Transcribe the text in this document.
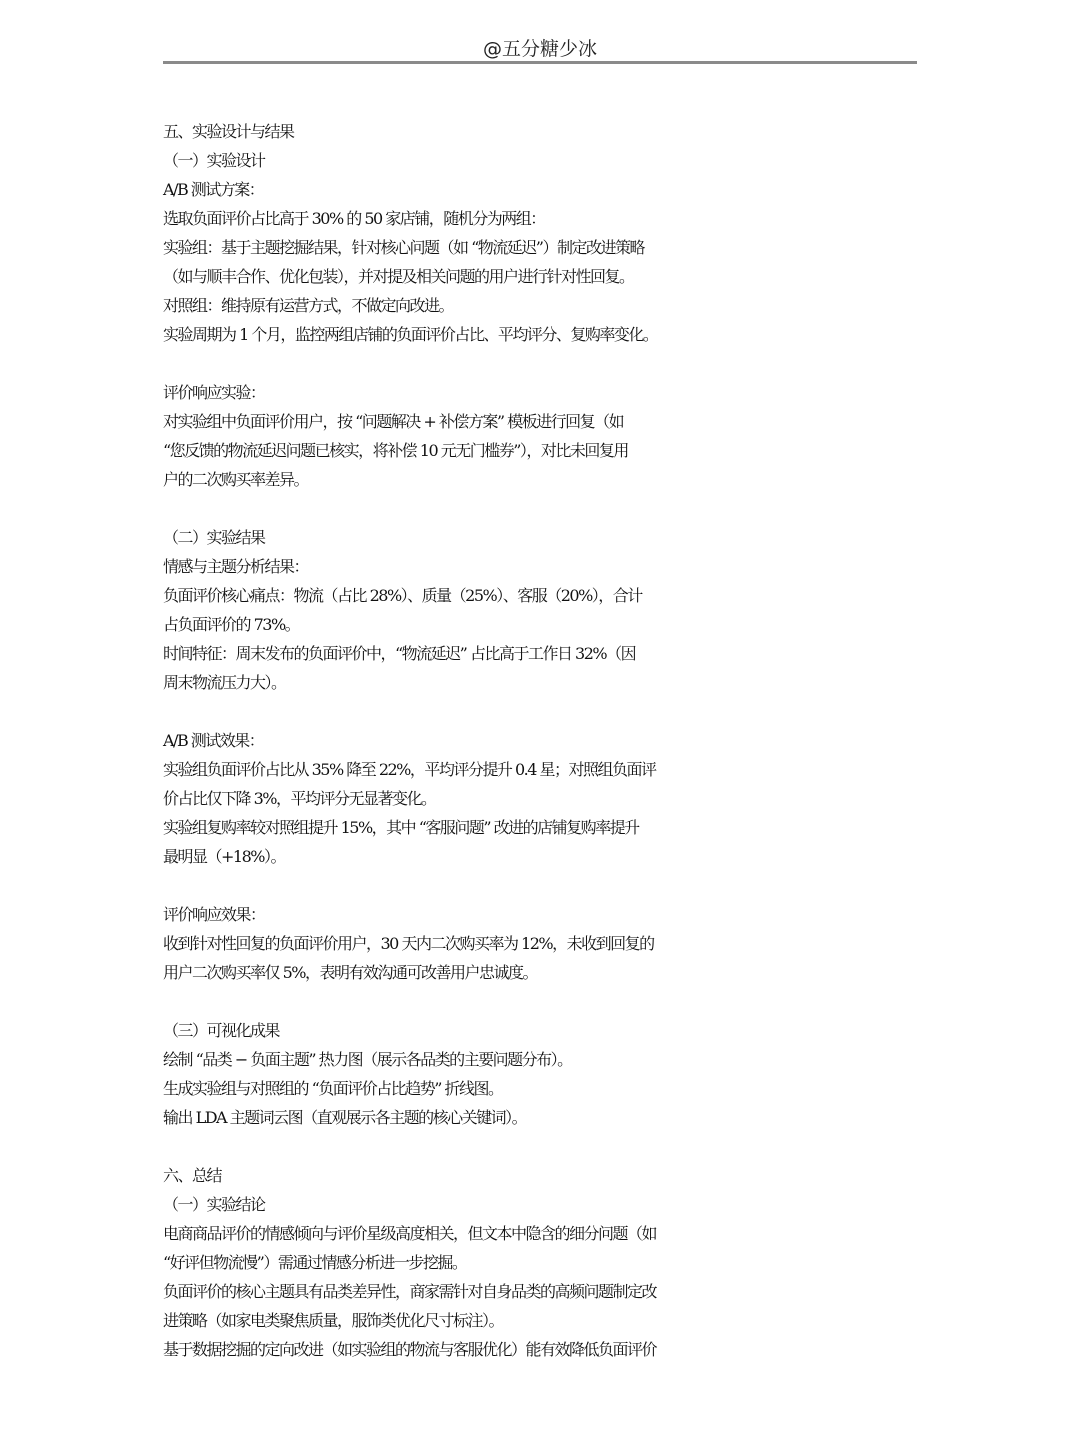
@五分糖少冰
五、实验设计与结果
（一）实验设计
A/B 测试方案：
选取负面评价占比高于 30% 的 50 家店铺，随机分为两组：
实验组：基于主题挖掘结果，针对核心问题（如 “物流延迟”）制定改进策略
（如与顺丰合作、优化包装），并对提及相关问题的用户进行针对性回复。
对照组：维持原有运营方式，不做定向改进。
实验周期为 1 个月，监控两组店铺的负面评价占比、平均评分、复购率变化。
评价响应实验：
对实验组中负面评价用户，按 “问题解决 + 补偿方案” 模板进行回复（如
“您反馈的物流延迟问题已核实，将补偿 10 元无门槛券”），对比未回复用
户的二次购买率差异。
（二）实验结果
情感与主题分析结果：
负面评价核心痛点：物流（占比 28%）、质量（25%）、客服（20%），合计
占负面评价的 73%。
时间特征：周末发布的负面评价中，“物流延迟” 占比高于工作日 32%（因
周末物流压力大）。
A/B 测试效果：
实验组负面评价占比从 35% 降至 22%，平均评分提升 0.4 星；对照组负面评
价占比仅下降 3%，平均评分无显著变化。
实验组复购率较对照组提升 15%，其中 “客服问题” 改进的店铺复购率提升
最明显（+18%）。
评价响应效果：
收到针对性回复的负面评价用户，30 天内二次购买率为 12%，未收到回复的
用户二次购买率仅 5%，表明有效沟通可改善用户忠诚度。
（三）可视化成果
绘制 “品类 − 负面主题” 热力图（展示各品类的主要问题分布）。
生成实验组与对照组的 “负面评价占比趋势” 折线图。
输出 LDA 主题词云图（直观展示各主题的核心关键词）。
六、总结
（一）实验结论
电商商品评价的情感倾向与评价星级高度相关，但文本中隐含的细分问题（如
“好评但物流慢”）需通过情感分析进一步挖掘。
负面评价的核心主题具有品类差异性，商家需针对自身品类的高频问题制定改
进策略（如家电类聚焦质量，服饰类优化尺寸标注）。
基于数据挖掘的定向改进（如实验组的物流与客服优化）能有效降低负面评价
